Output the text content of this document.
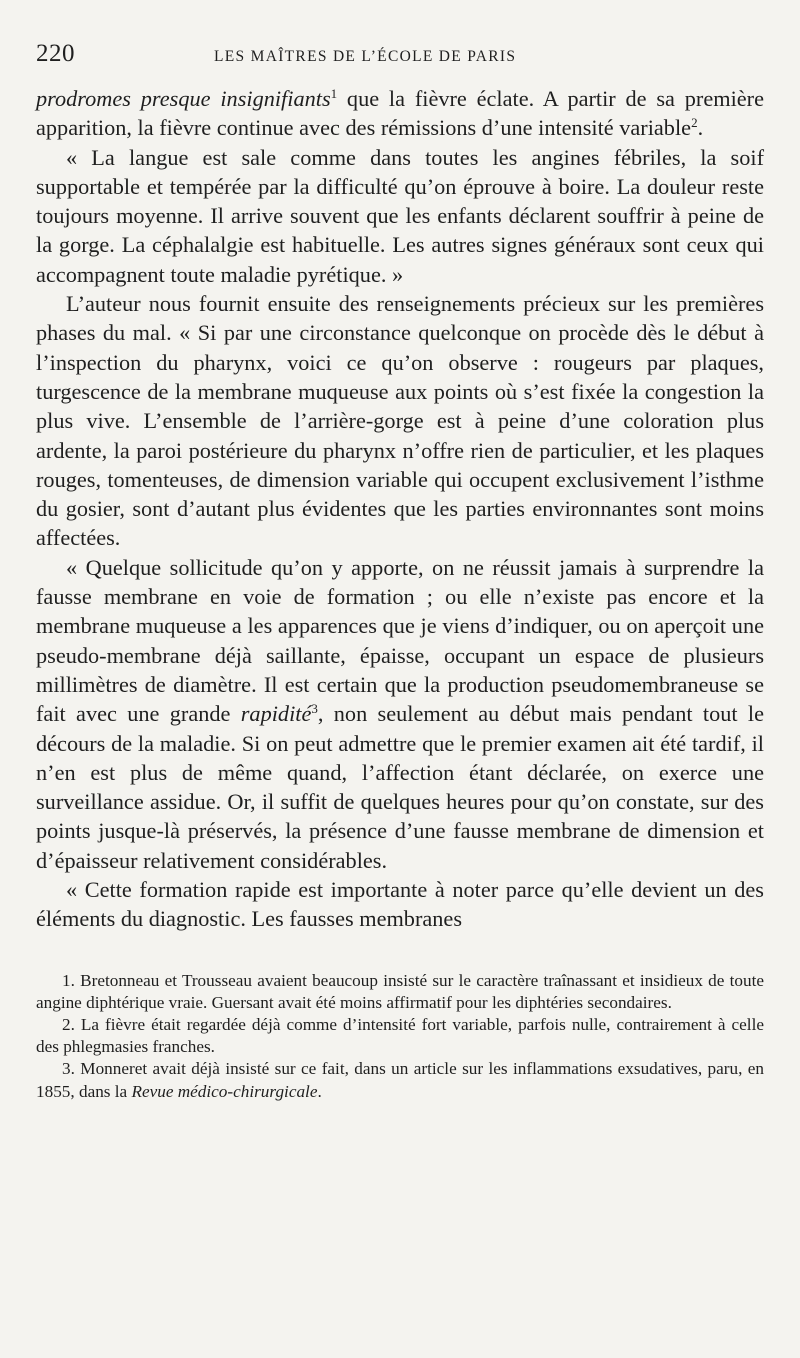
220	LES MAÎTRES DE L’ÉCOLE DE PARIS

prodromes presque insignifiants$^1$ que la fièvre éclate. A partir de sa première apparition, la fièvre continue avec des rémissions d’une intensité variable$^2$.

« La langue est sale comme dans toutes les angines fébriles, la soif supportable et tempérée par la difficulté qu’on éprouve à boire. La douleur reste toujours moyenne. Il arrive souvent que les enfants déclarent souffrir à peine de la gorge. La céphalalgie est habituelle. Les autres signes généraux sont ceux qui accompagnent toute maladie pyrétique. »

L’auteur nous fournit ensuite des renseignements précieux sur les premières phases du mal. « Si par une circonstance quelconque on procède dès le début à l’inspection du pharynx, voici ce qu’on observe : rougeurs par plaques, turgescence de la membrane muqueuse aux points où s’est fixée la congestion la plus vive. L’ensemble de l’arrière-gorge est à peine d’une coloration plus ardente, la paroi postérieure du pharynx n’offre rien de particulier, et les plaques rouges, tomenteuses, de dimension variable qui occupent exclusivement l’isthme du gosier, sont d’autant plus évidentes que les parties environnantes sont moins affectées.

« Quelque sollicitude qu’on y apporte, on ne réussit jamais à surprendre la fausse membrane en voie de formation ; ou elle n’existe pas encore et la membrane muqueuse a les apparences que je viens d’indiquer, ou on aperçoit une pseudo-membrane déjà saillante, épaisse, occupant un espace de plusieurs millimètres de diamètre. Il est certain que la production pseudomembraneuse se fait avec une grande rapidité$^3$, non seulement au début mais pendant tout le décours de la maladie. Si on peut admettre que le premier examen ait été tardif, il n’en est plus de même quand, l’affection étant déclarée, on exerce une surveillance assidue. Or, il suffit de quelques heures pour qu’on constate, sur des points jusque-là préservés, la présence d’une fausse membrane de dimension et d’épaisseur relativement considérables.

« Cette formation rapide est importante à noter parce qu’elle devient un des éléments du diagnostic. Les fausses membranes

1. Bretonneau et Trousseau avaient beaucoup insisté sur le caractère traînassant et insidieux de toute angine diphtérique vraie. Guersant avait été moins affirmatif pour les diphtéries secondaires.

2. La fièvre était regardée déjà comme d’intensité fort variable, parfois nulle, contrairement à celle des phlegmasies franches.

3. Monneret avait déjà insisté sur ce fait, dans un article sur les inflammations exsudatives, paru, en 1855, dans la Revue médico-chirurgicale.
